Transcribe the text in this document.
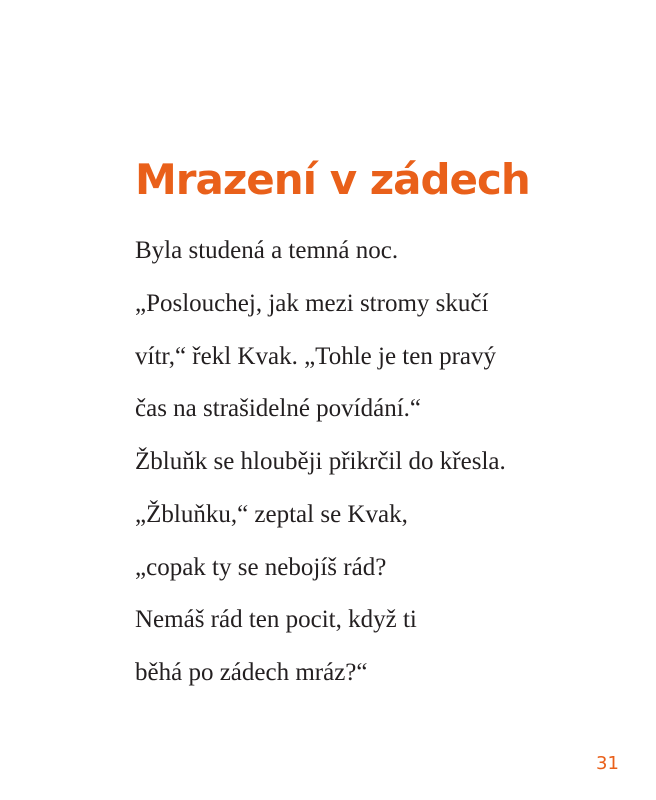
Mrazení v zádech
Byla studená a temná noc.
„Poslouchej, jak mezi stromy skučí
vítr,“ řekl Kvak. „Tohle je ten pravý
čas na strašidelné povídání.“
Žbluňk se hlouběji přikrčil do křesla.
„Žbluňku,“ zeptal se Kvak,
„copak ty se nebojíš rád?
Nemáš rád ten pocit, když ti
běhá po zádech mráz?“
31
